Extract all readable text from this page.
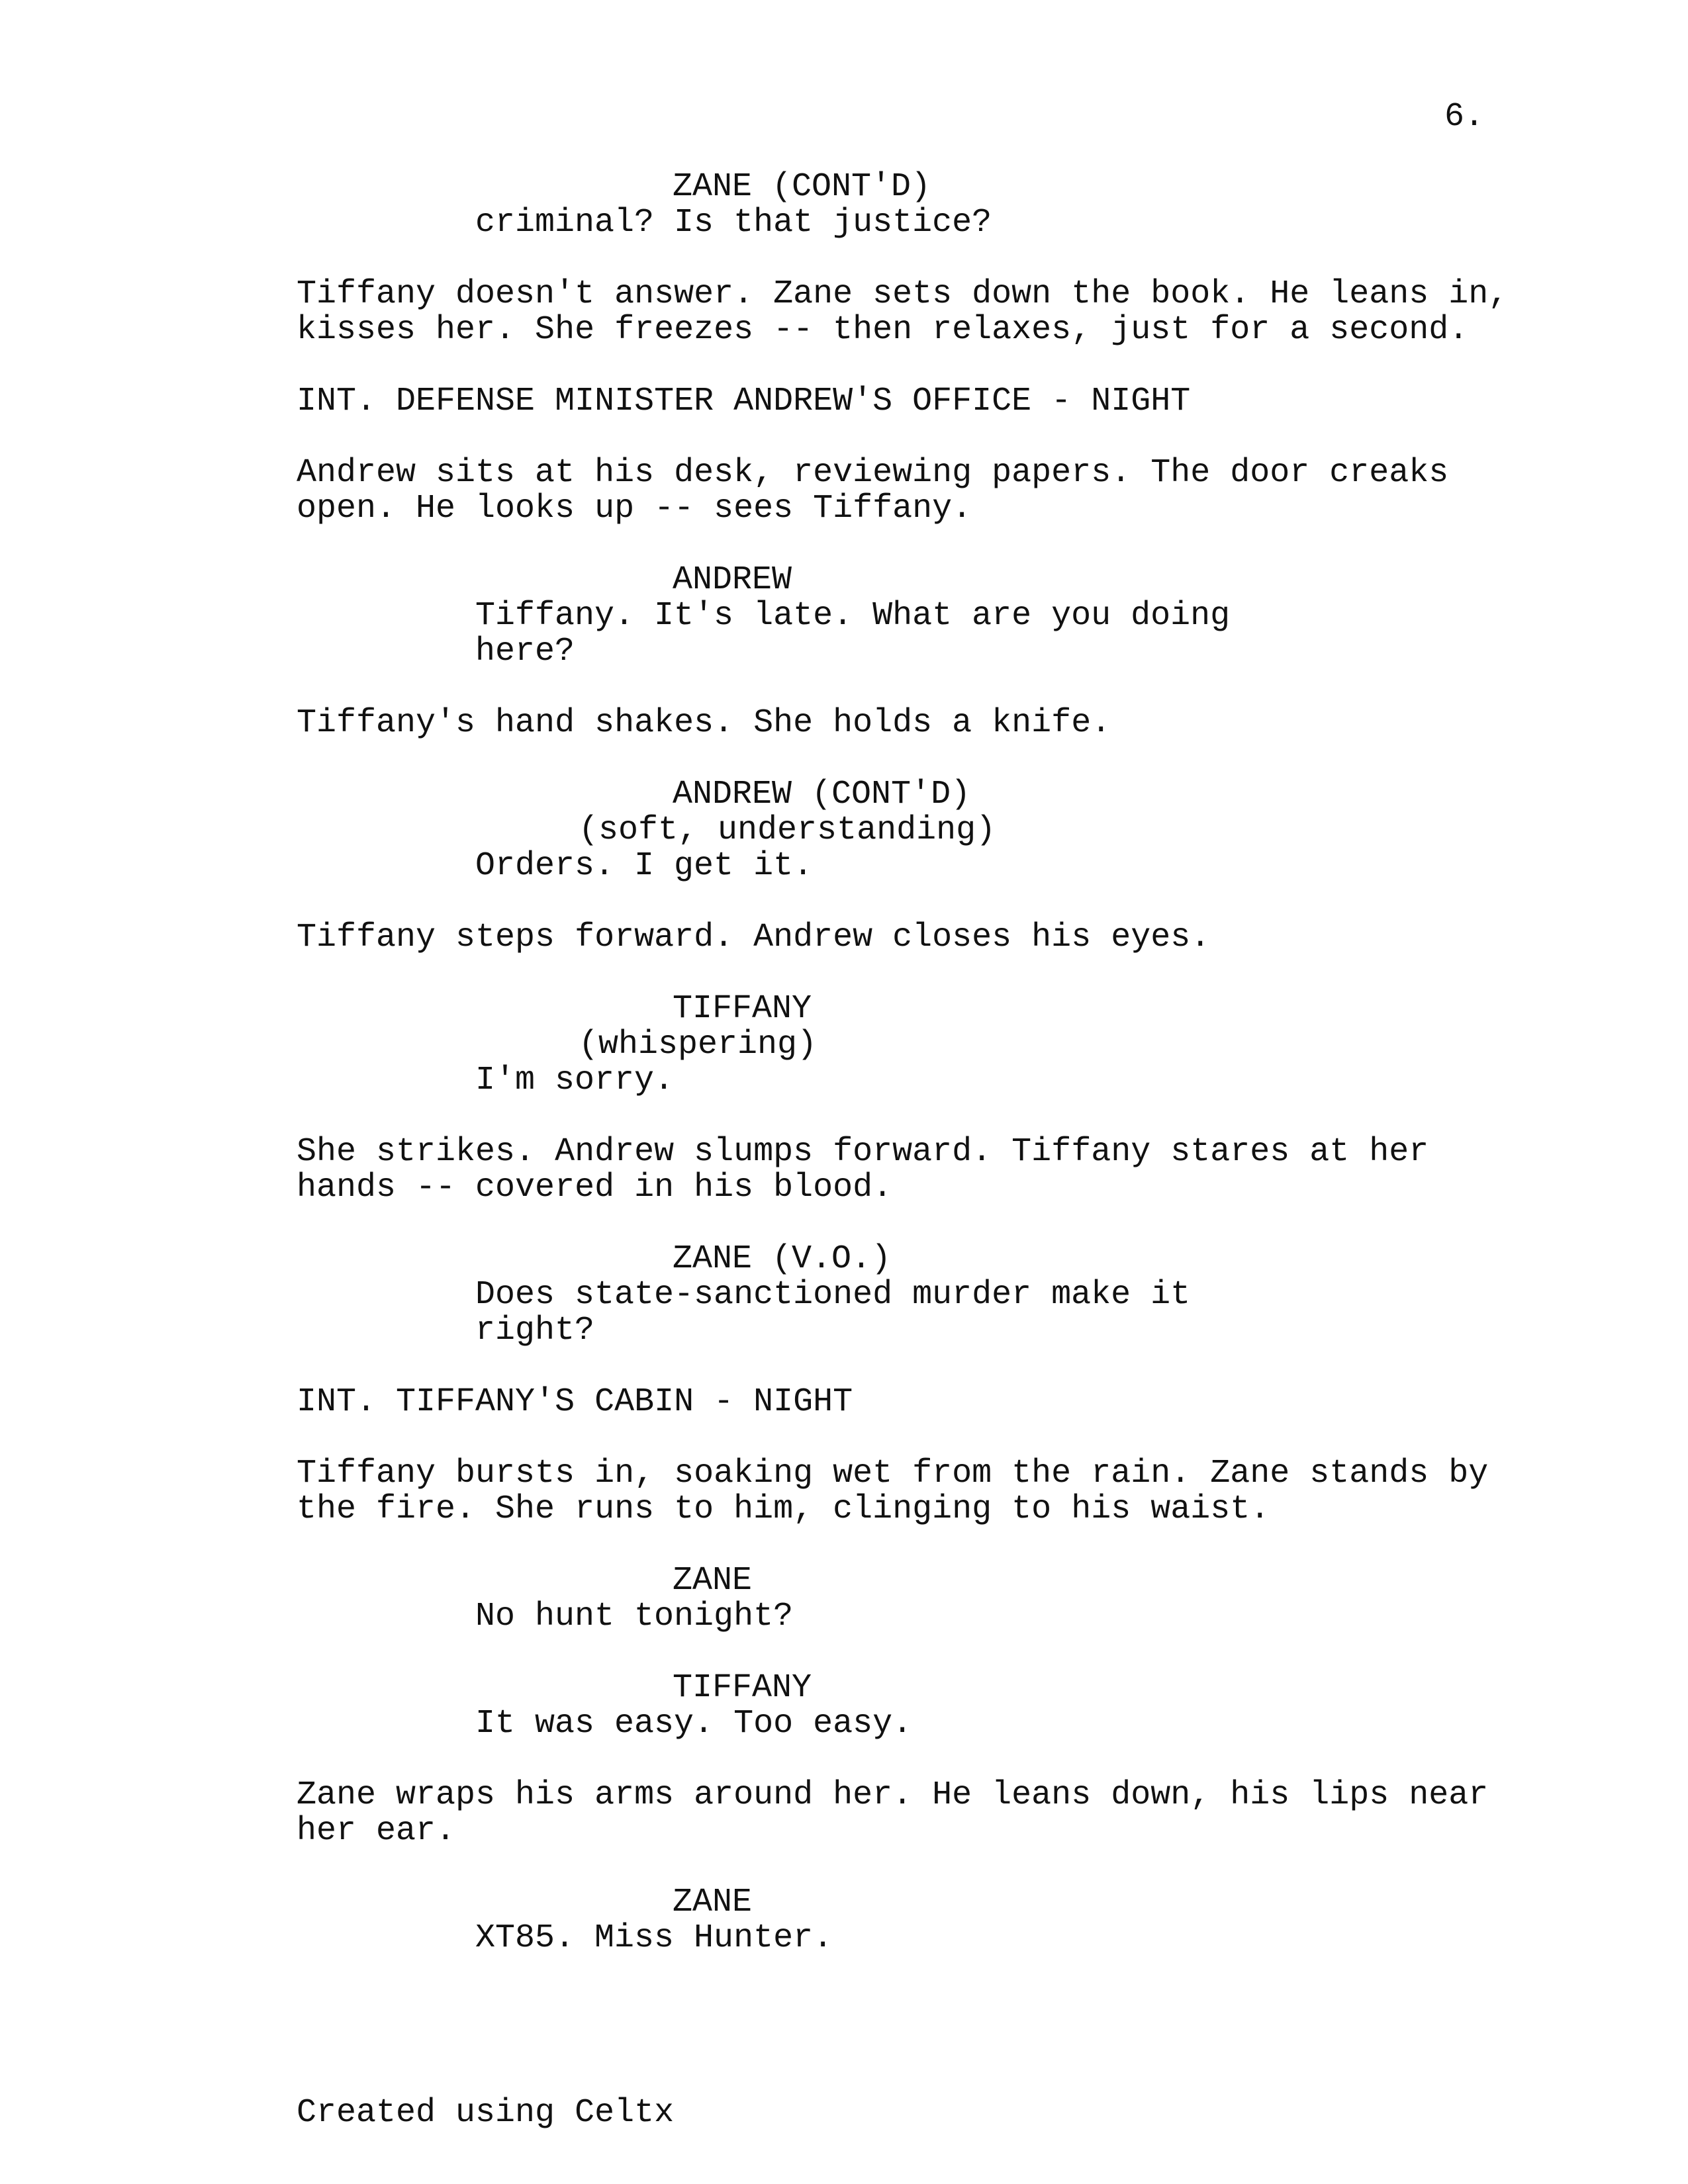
6.
ZANE (CONT'D)
criminal? Is that justice?
Tiffany doesn't answer. Zane sets down the book. He leans in,
kisses her. She freezes -- then relaxes, just for a second.
INT. DEFENSE MINISTER ANDREW'S OFFICE - NIGHT
Andrew sits at his desk, reviewing papers. The door creaks
open. He looks up -- sees Tiffany.
ANDREW
Tiffany. It's late. What are you doing
here?
Tiffany's hand shakes. She holds a knife.
ANDREW (CONT'D)
(soft, understanding)
Orders. I get it.
Tiffany steps forward. Andrew closes his eyes.
TIFFANY
(whispering)
I'm sorry.
She strikes. Andrew slumps forward. Tiffany stares at her
hands -- covered in his blood.
ZANE (V.O.)
Does state-sanctioned murder make it
right?
INT. TIFFANY'S CABIN - NIGHT
Tiffany bursts in, soaking wet from the rain. Zane stands by
the fire. She runs to him, clinging to his waist.
ZANE
No hunt tonight?
TIFFANY
It was easy. Too easy.
Zane wraps his arms around her. He leans down, his lips near
her ear.
ZANE
XT85. Miss Hunter.
Created using Celtx
